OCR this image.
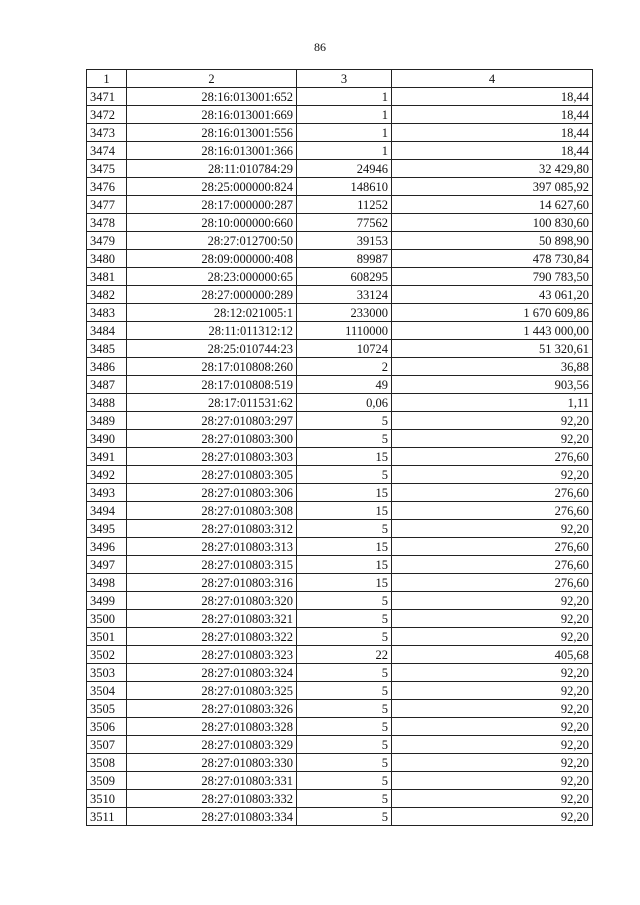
86
1	2	3	4
3471	28:16:013001:652	1	18,44
3472	28:16:013001:669	1	18,44
3473	28:16:013001:556	1	18,44
3474	28:16:013001:366	1	18,44
3475	28:11:010784:29	24946	32 429,80
3476	28:25:000000:824	148610	397 085,92
3477	28:17:000000:287	11252	14 627,60
3478	28:10:000000:660	77562	100 830,60
3479	28:27:012700:50	39153	50 898,90
3480	28:09:000000:408	89987	478 730,84
3481	28:23:000000:65	608295	790 783,50
3482	28:27:000000:289	33124	43 061,20
3483	28:12:021005:1	233000	1 670 609,86
3484	28:11:011312:12	1110000	1 443 000,00
3485	28:25:010744:23	10724	51 320,61
3486	28:17:010808:260	2	36,88
3487	28:17:010808:519	49	903,56
3488	28:17:011531:62	0,06	1,11
3489	28:27:010803:297	5	92,20
3490	28:27:010803:300	5	92,20
3491	28:27:010803:303	15	276,60
3492	28:27:010803:305	5	92,20
3493	28:27:010803:306	15	276,60
3494	28:27:010803:308	15	276,60
3495	28:27:010803:312	5	92,20
3496	28:27:010803:313	15	276,60
3497	28:27:010803:315	15	276,60
3498	28:27:010803:316	15	276,60
3499	28:27:010803:320	5	92,20
3500	28:27:010803:321	5	92,20
3501	28:27:010803:322	5	92,20
3502	28:27:010803:323	22	405,68
3503	28:27:010803:324	5	92,20
3504	28:27:010803:325	5	92,20
3505	28:27:010803:326	5	92,20
3506	28:27:010803:328	5	92,20
3507	28:27:010803:329	5	92,20
3508	28:27:010803:330	5	92,20
3509	28:27:010803:331	5	92,20
3510	28:27:010803:332	5	92,20
3511	28:27:010803:334	5	92,20
